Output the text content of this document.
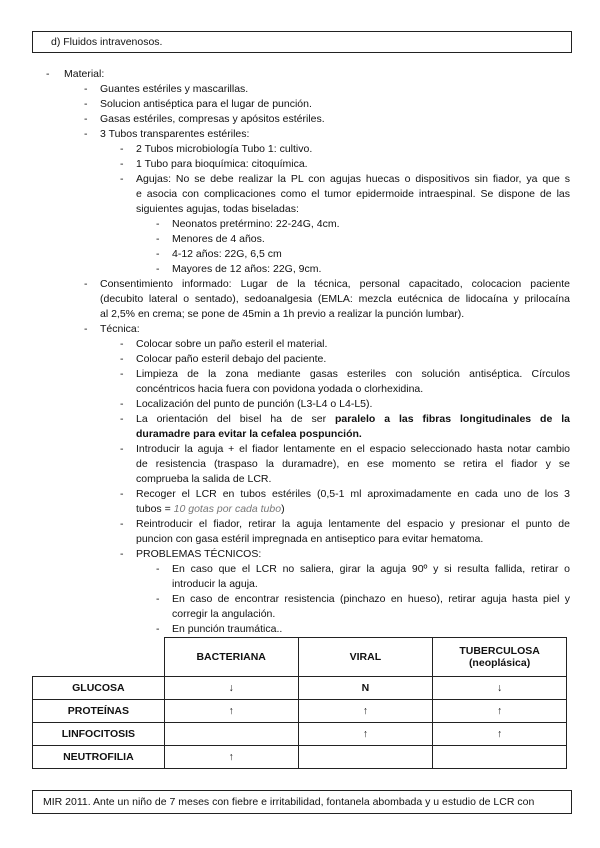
d) Fluidos intravenosos.
- Material:
- Guantes estériles y mascarillas.
- Solucion antiséptica para el lugar de punción.
- Gasas estériles, compresas y apósitos estériles.
- 3 Tubos transparentes estériles:
- 2 Tubos microbiología Tubo 1: cultivo.
- 1 Tubo para bioquímica: citoquímica.
- Agujas: No se debe realizar la PL con agujas huecas o dispositivos sin fiador, ya que s
e asocia con complicaciones como el tumor epidermoide intraespinal. Se dispone de las
siguientes agujas, todas biseladas:
- Neonatos pretérmino: 22-24G, 4cm.
- Menores de 4 años.
- 4-12 años: 22G, 6,5 cm
- Mayores de 12 años: 22G, 9cm.
- Consentimiento informado: Lugar de la técnica, personal capacitado, colocacion paciente
(decubito lateral o sentado), sedoanalgesia (EMLA: mezcla eutécnica de lidocaína y prilocaína
al 2,5% en crema; se pone de 45min a 1h previo a realizar la punción lumbar).
- Técnica:
- Colocar sobre un paño esteril el material.
- Colocar paño esteril debajo del paciente.
- Limpieza de la zona mediante gasas esteriles con solución antiséptica. Círculos
concéntricos hacia fuera con povidona yodada o clorhexidina.
- Localización del punto de punción (L3-L4 o L4-L5).
- La orientación del bisel ha de ser paralelo a las fibras longitudinales de la
duramadre para evitar la cefalea pospunción.
- Introducir la aguja + el fiador lentamente en el espacio seleccionado hasta notar cambio
de resistencia (traspaso la duramadre), en ese momento se retira el fiador y se
comprueba la salida de LCR.
- Recoger el LCR en tubos estériles (0,5-1 ml aproximadamente en cada uno de los 3
tubos = 10 gotas por cada tubo)
- Reintroducir el fiador, retirar la aguja lentamente del espacio y presionar el punto de
puncion con gasa estéril impregnada en antiseptico para evitar hematoma.
- PROBLEMAS TÉCNICOS:
- En caso que el LCR no saliera, girar la aguja 90º y si resulta fallida, retirar o
introducir la aguja.
- En caso de encontrar resistencia (pinchazo en hueso), retirar aguja hasta piel y
corregir la angulación.
- En punción traumática..
	BACTERIANA	VIRAL	TUBERCULOSA
(neoplásica)
GLUCOSA	↓	N	↓
PROTEÍNAS	↑	↑	↑
LINFOCITOSIS		↑	↑
NEUTROFILIA	↑		
MIR 2011. Ante un niño de 7 meses con fiebre e irritabilidad, fontanela abombada y u estudio de LCR con
